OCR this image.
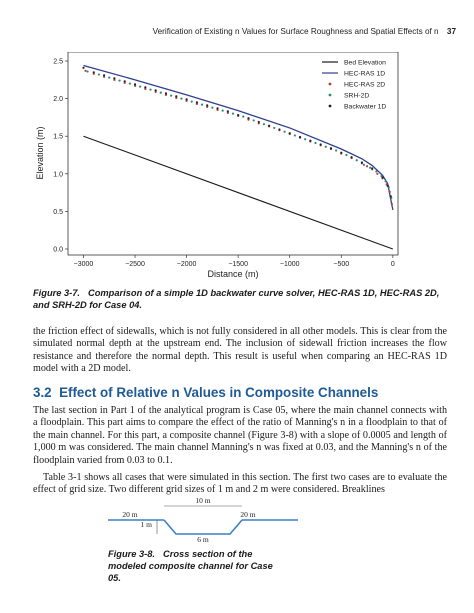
Verification of Existing n Values for Surface Roughness and Spatial Effects of n 37
−3000	−2500	−2000	−1500	−1000	−500	0
0.0
0.5
1.0
1.5
2.0
2.5	Bed Elevation
HEC-RAS 1D
HEC-RAS 2D
SRH-2D
Backwater 1D
Distance (m)
Elevation (m)
Figure 3-7. Comparison of a simple 1D backwater curve solver, HEC-RAS 1D, HEC-RAS 2D, and SRH-2D for Case 04.

the friction effect of sidewalls, which is not fully considered in all other models. This is clear from the simulated normal depth at the upstream end. The inclusion of sidewall friction increases the flow resistance and therefore the normal depth. This result is useful when comparing an HEC-RAS 1D model with a 2D model.

3.2 Effect of Relative n Values in Composite Channels

The last section in Part 1 of the analytical program is Case 05, where the main channel connects with a floodplain. This part aims to compare the effect of the ratio of Manning's n in a floodplain to that of the main channel. For this part, a composite channel (Figure 3-8) with a slope of 0.0005 and length of 1,000 m was considered. The main channel Manning's n was fixed at 0.03, and the Manning's n of the floodplain varied from 0.03 to 0.1.

Table 3-1 shows all cases that were simulated in this section. The first two cases are to evaluate the effect of grid size. Two different grid sizes of 1 m and 2 m were considered. Breaklines

10 m
20 m	20 m
1 m
6 m
Figure 3-8. Cross section of the modeled composite channel for Case 05.
